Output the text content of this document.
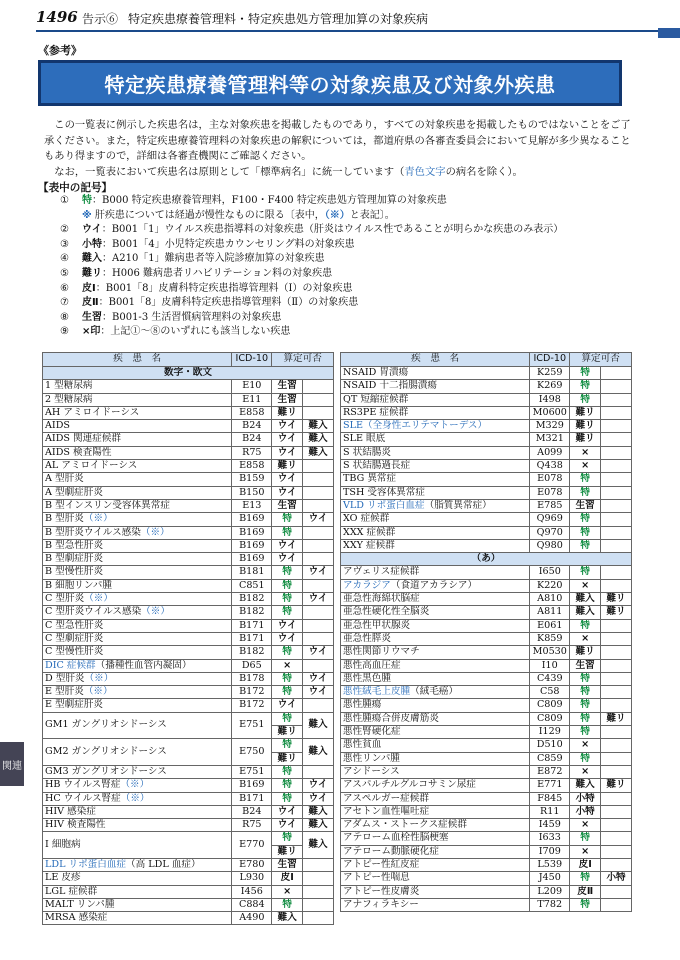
1496 告示⑥ 特定疾患療養管理料・特定疾患処方管理加算の対象疾病
《参考》
特定疾患療養管理料等の対象疾患及び対象外疾患

　この一覧表に例示した疾患名は，主な対象疾患を掲載したものであり，すべての対象疾患を掲載したものではないことをご了承ください。また，特定疾患療養管理料の対象疾患の解釈については，都道府県の各審査委員会において見解が多少異なることもあり得ますので，詳細は各審査機関にご確認ください。

　なお，一覧表において疾患名は原則として「標準病名」に統一しています（青色文字の病名を除く）。

【表中の記号】
① 特：B000 特定疾患療養管理料，F100・F400 特定疾患処方管理加算の対象疾患
※ 肝疾患については経過が慢性なものに限る〔表中，（※）と表記〕。
② ウイ：B001「1」ウイルス疾患指導料の対象疾患（肝炎はウイルス性であることが明らかな疾患のみ表示）
③ 小特：B001「4」小児特定疾患カウンセリング料の対象疾患
④ 難入：A210「1」難病患者等入院診療加算の対象疾患
⑤ 難リ：H006 難病患者リハビリテーション料の対象疾患
⑥ 皮Ⅰ：B001「8」皮膚科特定疾患指導管理料（Ⅰ）の対象疾患
⑦ 皮Ⅱ：B001「8」皮膚科特定疾患指導管理料（Ⅱ）の対象疾患
⑧ 生習：B001-3 生活習慣病管理料の対象疾患
⑨ ×印：上記①～⑧のいずれにも該当しない疾患
疾　患　名	ICD-10	算定可否	
数字・欧文			
1 型糖尿病	E10	生習	
2 型糖尿病	E11	生習	
AH アミロイドーシス	E858	難リ	
AIDS	B24	ウイ	難入
AIDS 関連症候群	B24	ウイ	難入
AIDS 検査陽性	R75	ウイ	難入
AL アミロイドーシス	E858	難リ	
A 型肝炎	B159	ウイ	
A 型劇症肝炎	B150	ウイ	
B 型インスリン受容体異常症	E13	生習	
B 型肝炎（※）	B169	特	ウイ
B 型肝炎ウイルス感染（※）	B169	特	
B 型急性肝炎	B169	ウイ	
B 型劇症肝炎	B169	ウイ	
B 型慢性肝炎	B181	特	ウイ
B 細胞リンパ腫	C851	特	
C 型肝炎（※）	B182	特	ウイ
C 型肝炎ウイルス感染（※）	B182	特	
C 型急性肝炎	B171	ウイ	
C 型劇症肝炎	B171	ウイ	
C 型慢性肝炎	B182	特	ウイ
DIC 症候群（播種性血管内凝固）	D65	×	
D 型肝炎（※）	B178	特	ウイ
E 型肝炎（※）	B172	特	ウイ
E 型劇症肝炎	B172	ウイ	
GM1 ガングリオシドーシス	E751	特	難入
		難リ	
GM2 ガングリオシドーシス	E750	特	難入
		難リ	
GM3 ガングリオシドーシス	E751	特	
HB ウイルス腎症（※）	B169	特	ウイ
HC ウイルス腎症（※）	B171	特	ウイ
HIV 感染症	B24	ウイ	難入
HIV 検査陽性	R75	ウイ	難入
I 細胞病	E770	特	難入
		難リ	
LDL リポ蛋白血症（高 LDL 血症）	E780	生習	
LE 皮疹	L930	皮Ⅰ	
LGL 症候群	I456	×	
MALT リンパ腫	C884	特	
MRSA 感染症	A490	難入	
疾　患　名	ICD-10	算定可否	
NSAID 胃潰瘍	K259	特	
NSAID 十二指腸潰瘍	K269	特	
QT 短縮症候群	I498	特	
RS3PE 症候群	M0600	難リ	
SLE（全身性エリテマトーデス）	M329	難リ	
SLE 眼底	M321	難リ	
S 状結腸炎	A099	×	
S 状結腸過長症	Q438	×	
TBG 異常症	E078	特	
TSH 受容体異常症	E078	特	
VLD リポ蛋白血症（脂質異常症）	E785	生習	
XO 症候群	Q969	特	
XXX 症候群	Q970	特	
XXY 症候群	Q980	特	
（あ）			
アヴェリス症候群	I650	特	
アカラジア（食道アカラシア）	K220	×	
亜急性海綿状脳症	A810	難入	難リ
亜急性硬化性全脳炎	A811	難入	難リ
亜急性甲状腺炎	E061	特	
亜急性膵炎	K859	×	
悪性関節リウマチ	M0530	難リ	
悪性高血圧症	I10	生習	
悪性黒色腫	C439	特	
悪性絨毛上皮腫（絨毛癌）	C58	特	
悪性腫瘍	C809	特	
悪性腫瘍合併皮膚筋炎	C809	特	難リ
悪性腎硬化症	I129	特	
悪性貧血	D510	×	
悪性リンパ腫	C859	特	
アシドーシス	E872	×	
アスパルチルグルコサミン尿症	E771	難入	難リ
アスペルガー症候群	F845	小特	
アセトン血性嘔吐症	R11	小特	
アダムス・ストークス症候群	I459	×	
アテローム血栓性脳梗塞	I633	特	
アテローム動脈硬化症	I709	×	
アトピー性紅皮症	L539	皮Ⅰ	
アトピー性喘息	J450	特	小特
アトピー性皮膚炎	L209	皮Ⅱ	
アナフィラキシー	T782	特	
関連
